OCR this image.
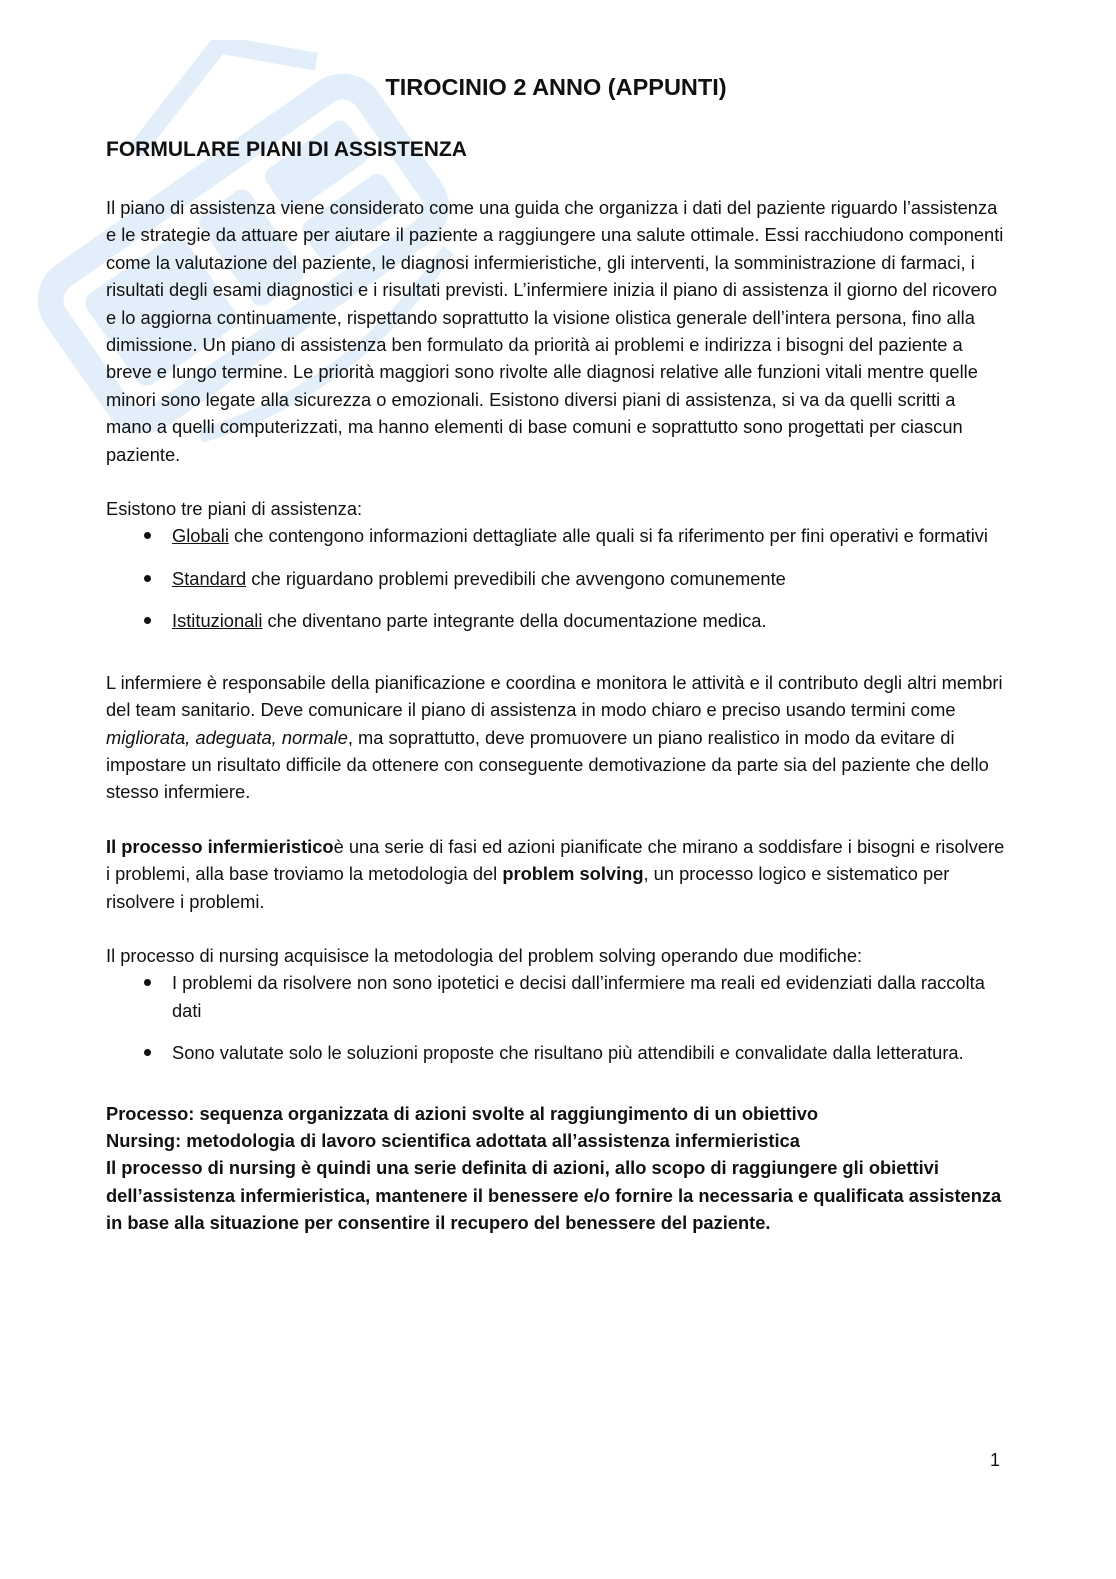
TIROCINIO 2 ANNO (APPUNTI)
FORMULARE PIANI DI ASSISTENZA

Il piano di assistenza viene considerato come una guida che organizza i dati del paziente riguardo l’assistenza e le strategie da attuare per aiutare il paziente a raggiungere una salute ottimale. Essi racchiudono componenti come la valutazione del paziente, le diagnosi infermieristiche, gli interventi, la somministrazione di farmaci, i risultati degli esami diagnostici e i risultati previsti. L’infermiere inizia il piano di assistenza il giorno del ricovero e lo aggiorna continuamente, rispettando soprattutto la visione olistica generale dell’intera persona, fino alla dimissione. Un piano di assistenza ben formulato da priorità ai problemi e indirizza i bisogni del paziente a breve e lungo termine. Le priorità maggiori sono rivolte alle diagnosi relative alle funzioni vitali mentre quelle minori sono legate alla sicurezza o emozionali. Esistono diversi piani di assistenza, si va da quelli scritti a mano a quelli computerizzati, ma hanno elementi di base comuni e soprattutto sono progettati per ciascun paziente.

Esistono tre piani di assistenza:

Globali che contengono informazioni dettagliate alle quali si fa riferimento per fini operativi e formativi
Standard che riguardano problemi prevedibili che avvengono comunemente
Istituzionali che diventano parte integrante della documentazione medica.

L infermiere è responsabile della pianificazione e coordina e monitora le attività e il contributo degli altri membri del team sanitario. Deve comunicare il piano di assistenza in modo chiaro e preciso usando termini come migliorata, adeguata, normale, ma soprattutto, deve promuovere un piano realistico in modo da evitare di impostare un risultato difficile da ottenere con conseguente demotivazione da parte sia del paziente che dello stesso infermiere.

Il processo infermieristicoè una serie di fasi ed azioni pianificate che mirano a soddisfare i bisogni e risolvere i problemi, alla base troviamo la metodologia del problem solving, un processo logico e sistematico per risolvere i problemi.

Il processo di nursing acquisisce la metodologia del problem solving operando due modifiche:

I problemi da risolvere non sono ipotetici e decisi dall’infermiere ma reali ed evidenziati dalla raccolta dati
Sono valutate solo le soluzioni proposte che risultano più attendibili e convalidate dalla letteratura.

Processo: sequenza organizzata di azioni svolte al raggiungimento di un obiettivo

Nursing: metodologia di lavoro scientifica adottata all’assistenza infermieristica

Il processo di nursing è quindi una serie definita di azioni, allo scopo di raggiungere gli obiettivi dell’assistenza infermieristica, mantenere il benessere e/o fornire la necessaria e qualificata assistenza in base alla situazione per consentire il recupero del benessere del paziente.

1
